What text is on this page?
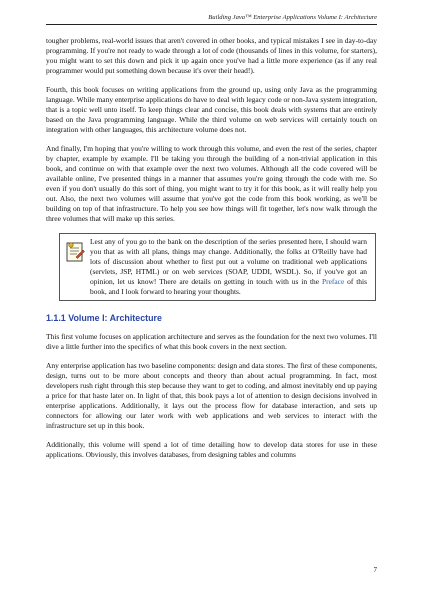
Building Java™ Enterprise Applications Volume I: Architecture

tougher problems, real-world issues that aren't covered in other books, and typical mistakes I see in day-to-day programming. If you're not ready to wade through a lot of code (thousands of lines in this volume, for starters), you might want to set this down and pick it up again once you've had a little more experience (as if any real programmer would put something down because it's over their head!).

Fourth, this book focuses on writing applications from the ground up, using only Java as the programming language. While many enterprise applications do have to deal with legacy code or non-Java system integration, that is a topic well unto itself. To keep things clear and concise, this book deals with systems that are entirely based on the Java programming language. While the third volume on web services will certainly touch on integration with other languages, this architecture volume does not.

And finally, I'm hoping that you're willing to work through this volume, and even the rest of the series, chapter by chapter, example by example. I'll be taking you through the building of a non-trivial application in this book, and continue on with that example over the next two volumes. Although all the code covered will be available online, I've presented things in a manner that assumes you're going through the code with me. So even if you don't usually do this sort of thing, you might want to try it for this book, as it will really help you out. Also, the next two volumes will assume that you've got the code from this book working, as we'll be building on top of that infrastructure. To help you see how things will fit together, let's now walk through the three volumes that will make up this series.

Lest any of you go to the bank on the description of the series presented here, I should warn you that as with all plans, things may change. Additionally, the folks at O'Reilly have had lots of discussion about whether to first put out a volume on traditional web applications (servlets, JSP, HTML) or on web services (SOAP, UDDI, WSDL). So, if you've got an opinion, let us know! There are details on getting in touch with us in the Preface of this book, and I look forward to hearing your thoughts.

1.1.1 Volume I: Architecture

This first volume focuses on application architecture and serves as the foundation for the next two volumes. I'll dive a little further into the specifics of what this book covers in the next section.

Any enterprise application has two baseline components: design and data stores. The first of these components, design, turns out to be more about concepts and theory than about actual programming. In fact, most developers rush right through this step because they want to get to coding, and almost inevitably end up paying a price for that haste later on. In light of that, this book pays a lot of attention to design decisions involved in enterprise applications. Additionally, it lays out the process flow for database interaction, and sets up connectors for allowing our later work with web applications and web services to interact with the infrastructure set up in this book.

Additionally, this volume will spend a lot of time detailing how to develop data stores for use in these applications. Obviously, this involves databases, from designing tables and columns

7
